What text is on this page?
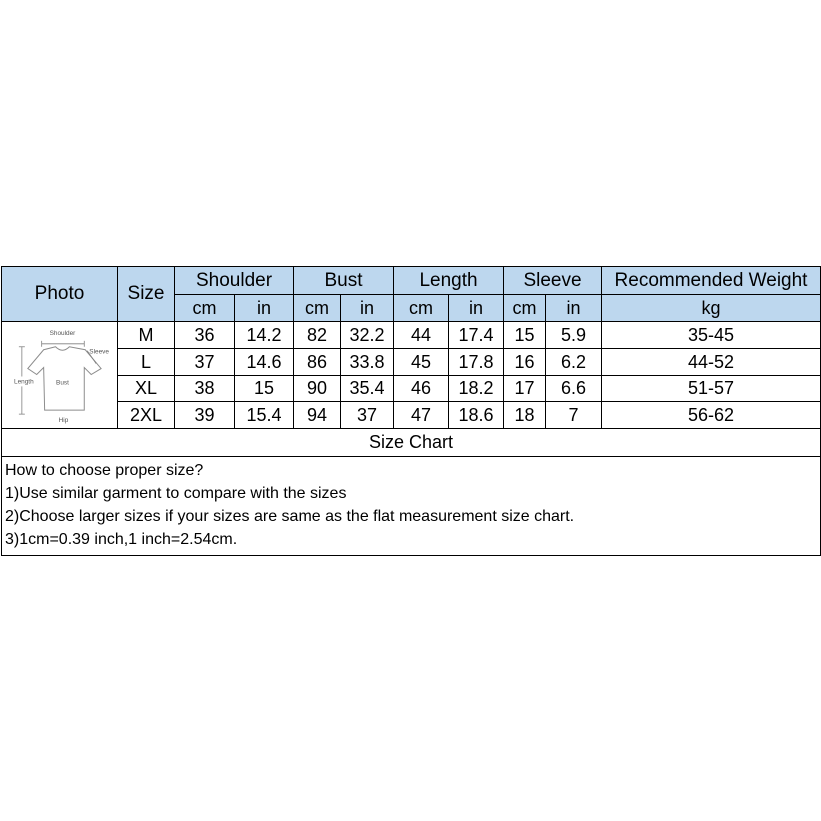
Photo	Size	Shoulder		Bust		Length		Sleeve		Recommended Weight
		cm	in	cm	in	cm	in	cm	in	kg

Shoulder
Sleeve
Length Bust
Hip	M	36	14.2	82	32.2	44	17.4	15	5.9	35-45
	L	37	14.6	86	33.8	45	17.8	16	6.2	44-52
	XL	38	15	90	35.4	46	18.2	17	6.6	51-57
	2XL	39	15.4	94	37	47	18.6	18	7	56-62
Size Chart										

How to choose proper size?
1)Use similar garment to compare with the sizes
2)Choose larger sizes if your sizes are same as the flat measurement size chart.
3)1cm=0.39 inch,1 inch=2.54cm.										
